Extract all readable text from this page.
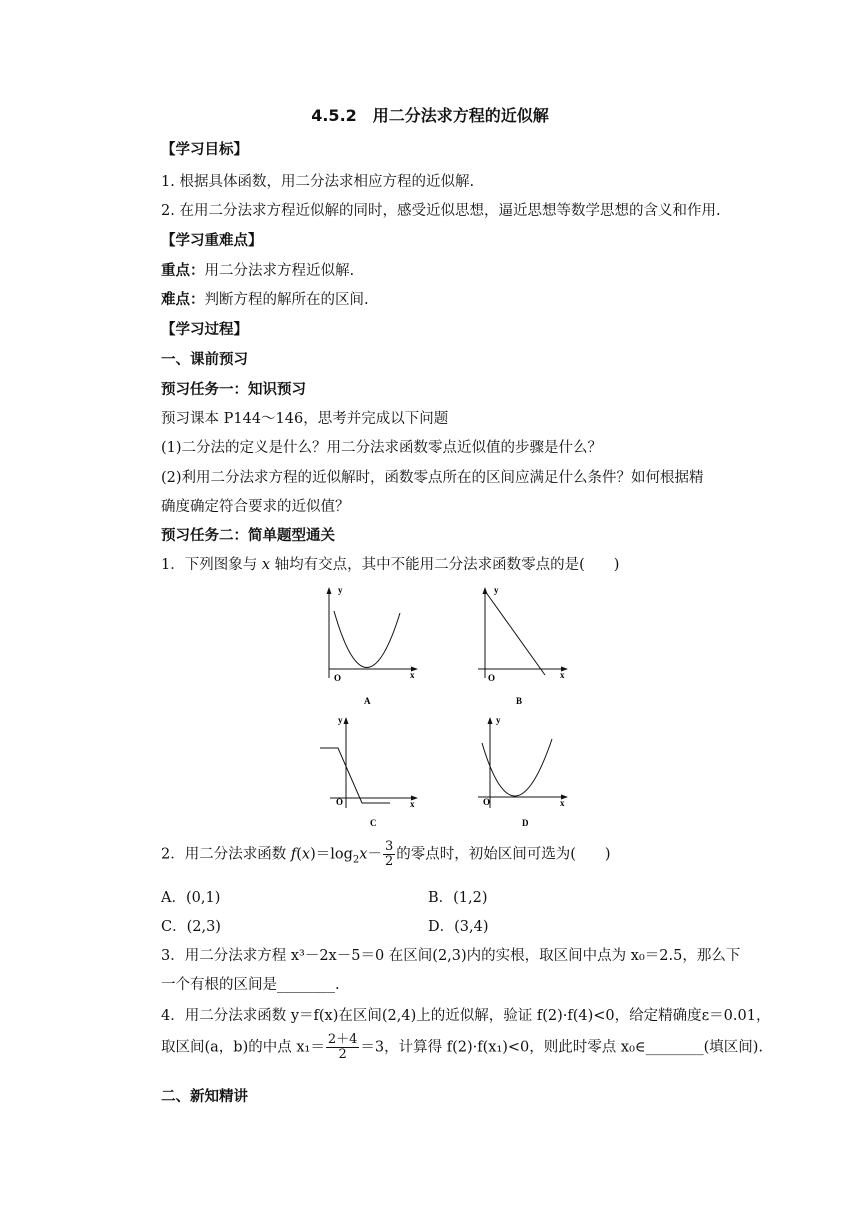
4.5.2　用二分法求方程的近似解
【学习目标】
1. 根据具体函数，用二分法求相应方程的近似解.
2. 在用二分法求方程近似解的同时，感受近似思想，逼近思想等数学思想的含义和作用.
【学习重难点】
重点：用二分法求方程近似解.
难点：判断方程的解所在的区间.
【学习过程】
一、课前预习
预习任务一：知识预习
预习课本 P144～146，思考并完成以下问题
(1)二分法的定义是什么？用二分法求函数零点近似值的步骤是什么？
(2)利用二分法求方程的近似解时，函数零点所在的区间应满足什么条件？如何根据精
确度确定符合要求的近似值？
预习任务二：简单题型通关
1．下列图象与 x 轴均有交点，其中不能用二分法求函数零点的是(　　)
y
x
O
A
y
x
O
B
y
x
O
C
y
x
O
D
2．用二分法求函数 $f(x)=\log_2x- \frac{3}{2}$ 的零点时，初始区间可选为(　　)
A．(0,1)	B．(1,2)
C．(2,3)	D．(3,4)
3．用二分法求方程 x³－2x－5＝0 在区间(2,3)内的实根，取区间中点为 x₀＝2.5，那么下
一个有根的区间是________.
4．用二分法求函数 y＝f(x)在区间(2,4)上的近似解，验证 f(2)·f(4)<0，给定精确度ε＝0.01，
取区间(a，b)的中点 $x_1= \frac{2+4}{2} =3$，计算得 f(2)·f(x₁)<0，则此时零点 x₀∈________(填区间).
二、新知精讲
